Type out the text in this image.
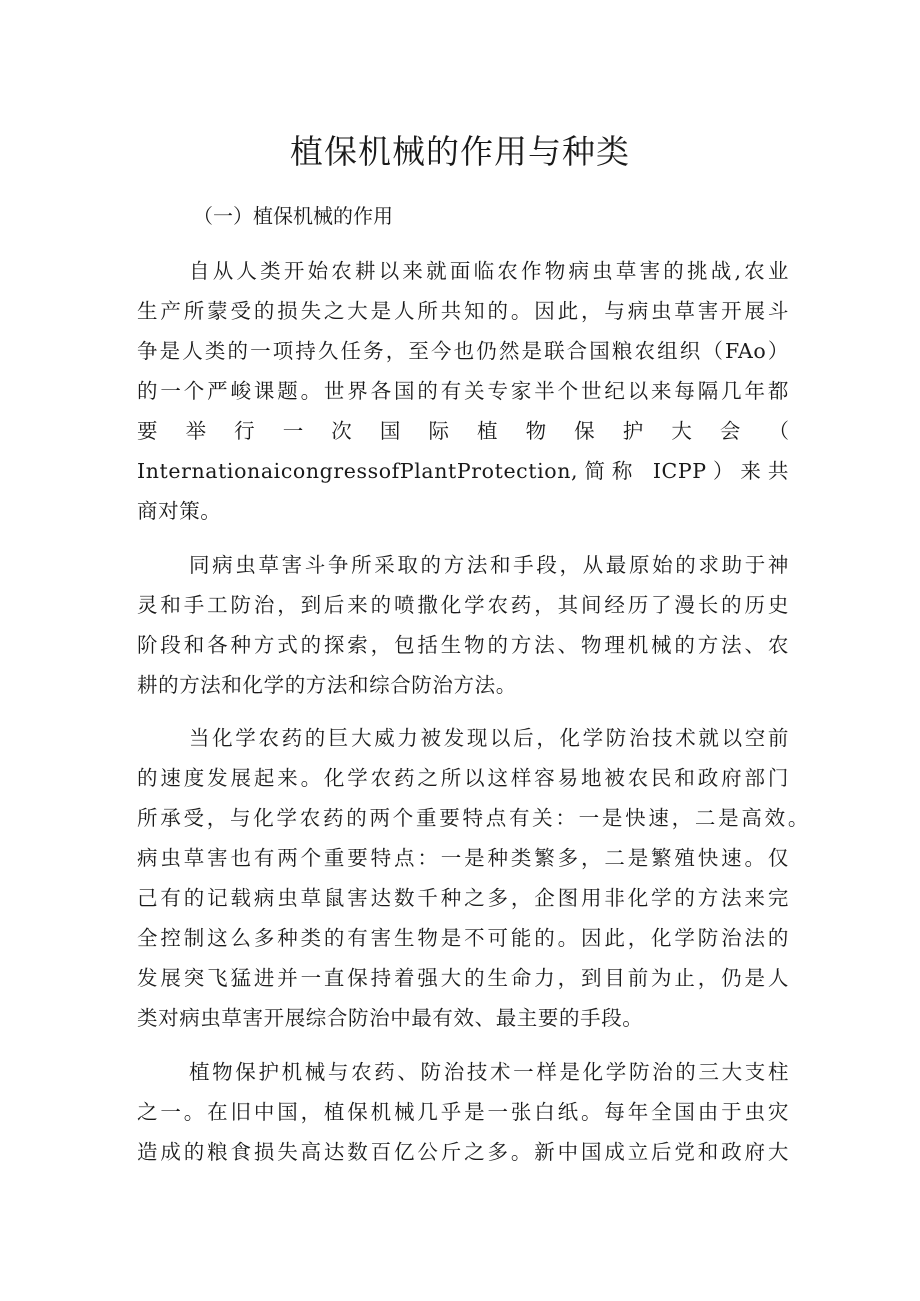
植保机械的作用与种类
（一）植保机械的作用
自从人类开始农耕以来就面临农作物病虫草害的挑战,农业
生产所蒙受的损失之大是人所共知的。因此，与病虫草害开展斗
争是人类的一项持久任务，至今也仍然是联合国粮农组织（FAo）
的一个严峻课题。世界各国的有关专家半个世纪以来每隔几年都
要 举 行 一 次 国 际 植 物 保 护 大 会 （
InternationaicongressofPlantProtection,简称 ICPP）来共
商对策。
同病虫草害斗争所采取的方法和手段，从最原始的求助于神
灵和手工防治，到后来的喷撒化学农药，其间经历了漫长的历史
阶段和各种方式的探索，包括生物的方法、物理机械的方法、农
耕的方法和化学的方法和综合防治方法。
当化学农药的巨大威力被发现以后，化学防治技术就以空前
的速度发展起来。化学农药之所以这样容易地被农民和政府部门
所承受，与化学农药的两个重要特点有关：一是快速，二是高效。
病虫草害也有两个重要特点：一是种类繁多，二是繁殖快速。仅
己有的记载病虫草鼠害达数千种之多，企图用非化学的方法来完
全控制这么多种类的有害生物是不可能的。因此，化学防治法的
发展突飞猛进并一直保持着强大的生命力，到目前为止，仍是人
类对病虫草害开展综合防治中最有效、最主要的手段。
植物保护机械与农药、防治技术一样是化学防治的三大支柱
之一。在旧中国，植保机械几乎是一张白纸。每年全国由于虫灾
造成的粮食损失高达数百亿公斤之多。新中国成立后党和政府大
